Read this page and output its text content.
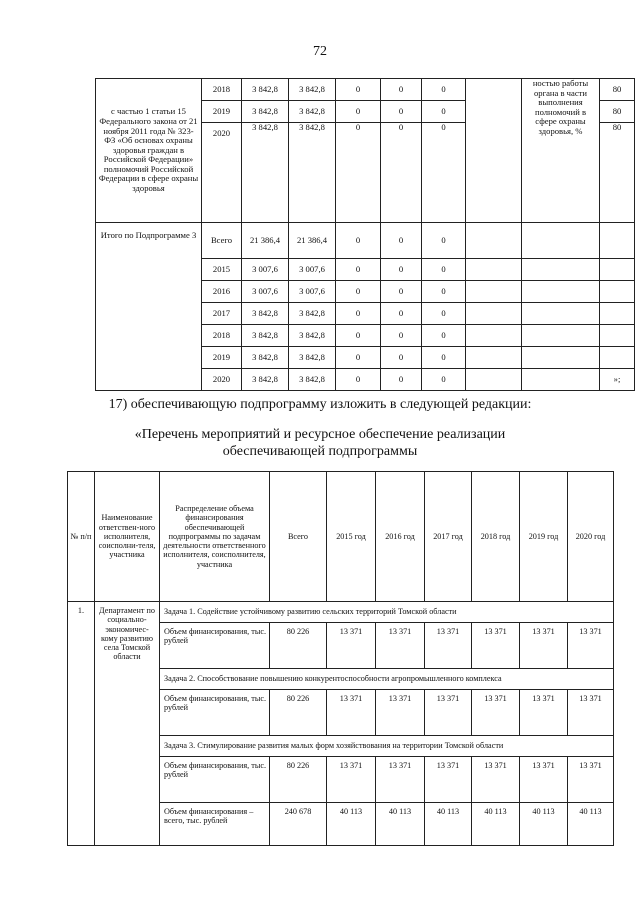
72
с частью 1 статьи 15 Федерального закона от 21 ноября 2011 года № 323-ФЗ «Об основах охраны здоровья граждан в Российской Федерации» полномочий Российской Федерации в сфере охраны здоровья	2018	3 842,8	3 842,8	0	0	0		ностью работы органа в части выполнения полномочий в сфере охраны здоровья, %	80
	2019	3 842,8	3 842,8	0	0	0			80
	2020	3 842,8	3 842,8	0	0	0			80
Итого по Подпрограмме 3	Всего	21 386,4	21 386,4	0	0	0			
	2015	3 007,6	3 007,6	0	0	0			
	2016	3 007,6	3 007,6	0	0	0			
	2017	3 842,8	3 842,8	0	0	0			
	2018	3 842,8	3 842,8	0	0	0			
	2019	3 842,8	3 842,8	0	0	0			
	2020	3 842,8	3 842,8	0	0	0			»;
17) обеспечивающую подпрограмму изложить в следующей редакции:
«Перечень мероприятий и ресурсное обеспечение реализации
обеспечивающей подпрограммы
№ п/п	Наименование ответствен-ного исполнителя, соисполни-теля, участника	Распределение объема финансирования обеспечивающей подпрограммы по задачам деятельности ответственного исполнителя, соисполнителя, участника	Всего	2015 год	2016 год	2017 год	2018 год	2019 год	2020 год
1.	Департамент по социально-экономичес-кому развитию села Томской области	Задача 1. Содействие устойчивому развитию сельских территорий Томской области							
		Объем финансирования, тыс. рублей	80 226	13 371	13 371	13 371	13 371	13 371	13 371
		Задача 2. Способствование повышению конкурентоспособности агропромышленного комплекса							
		Объем финансирования, тыс. рублей	80 226	13 371	13 371	13 371	13 371	13 371	13 371
		Задача 3. Стимулирование развития малых форм хозяйствования на территории Томской области							
		Объем финансирования, тыс. рублей	80 226	13 371	13 371	13 371	13 371	13 371	13 371
		Объем финансирования – всего, тыс. рублей	240 678	40 113	40 113	40 113	40 113	40 113	40 113
